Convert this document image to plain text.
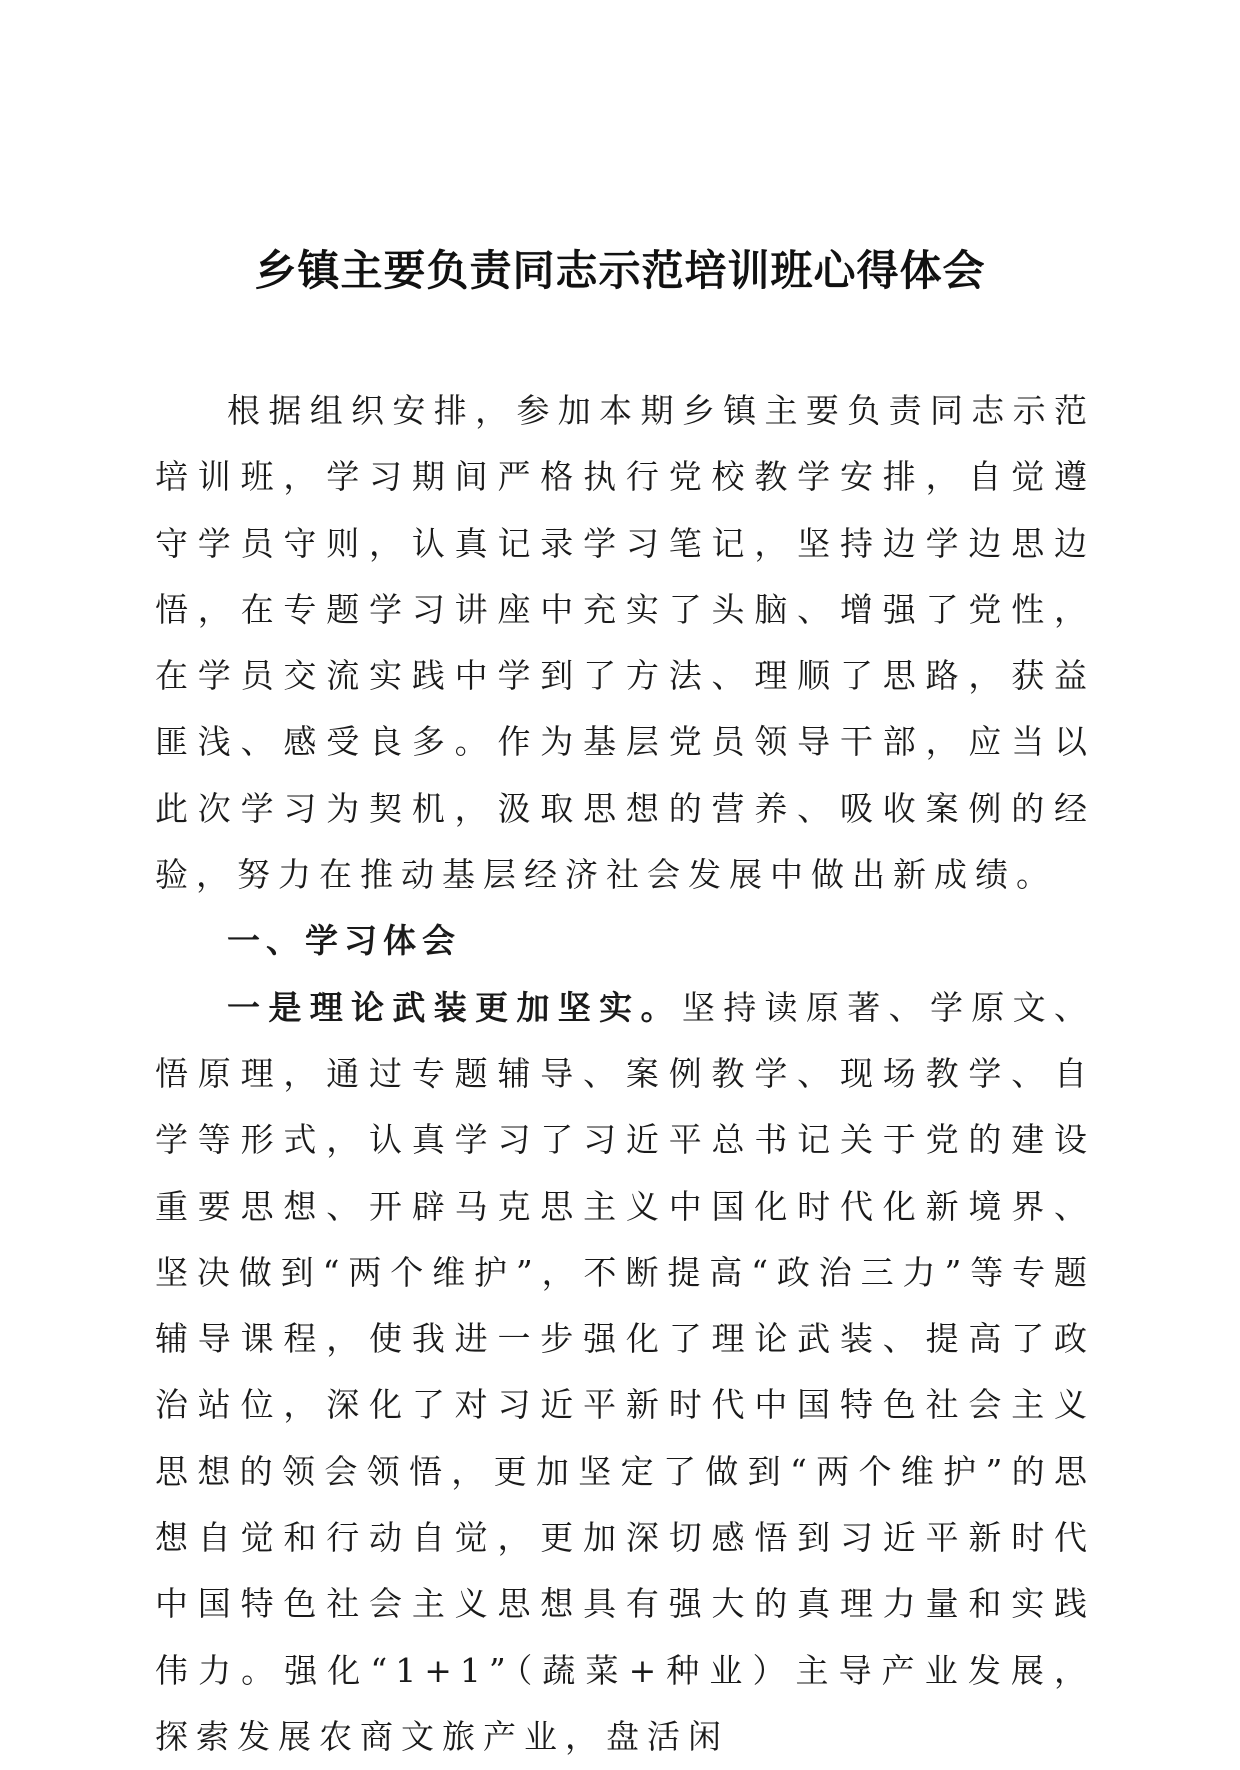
乡镇主要负责同志示范培训班心得体会

根据组织安排，参加本期乡镇主要负责同志示范培训班，学习期间严格执行党校教学安排，自觉遵守学员守则，认真记录学习笔记，坚持边学边思边悟，在专题学习讲座中充实了头脑、增强了党性，在学员交流实践中学到了方法、理顺了思路，获益匪浅、感受良多。作为基层党员领导干部，应当以此次学习为契机，汲取思想的营养、吸收案例的经验，努力在推动基层经济社会发展中做出新成绩。

一、学习体会

一是理论武装更加坚实。坚持读原著、学原文、悟原理，通过专题辅导、案例教学、现场教学、自学等形式，认真学习了习近平总书记关于党的建设重要思想、开辟马克思主义中国化时代化新境界、坚决做到“两个维护”，不断提高“政治三力”等专题辅导课程，使我进一步强化了理论武装、提高了政治站位，深化了对习近平新时代中国特色社会主义思想的领会领悟，更加坚定了做到“两个维护”的思想自觉和行动自觉，更加深切感悟到习近平新时代中国特色社会主义思想具有强大的真理力量和实践伟力。强化“1+1”（蔬菜+种业）主导产业发展，探索发展农商文旅产业，盘活闲
